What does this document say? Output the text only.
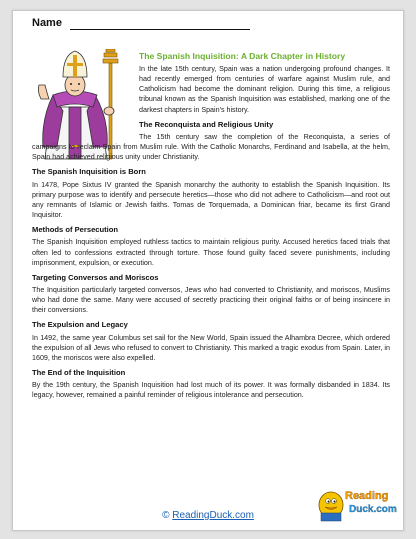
Name
The Spanish Inquisition: A Dark Chapter in History
In the late 15th century, Spain was a nation undergoing profound changes. It had recently emerged from centuries of warfare against Muslim rule, and Catholicism had become the dominant religion. During this time, a religious tribunal known as the Spanish Inquisition was established, marking one of the darkest chapters in Spain's history.
The Reconquista and Religious Unity
The 15th century saw the completion of the Reconquista, a series of campaigns to reclaim Spain from Muslim rule. With the Catholic Monarchs, Ferdinand and Isabella, at the helm, Spain had achieved religious unity under Christianity.
The Spanish Inquisition is Born
In 1478, Pope Sixtus IV granted the Spanish monarchy the authority to establish the Spanish Inquisition. Its primary purpose was to identify and persecute heretics—those who did not adhere to Catholicism—and root out any remnants of Islamic or Jewish faiths. Tomas de Torquemada, a Dominican friar, became its first Grand Inquisitor.
Methods of Persecution
The Spanish Inquisition employed ruthless tactics to maintain religious purity. Accused heretics faced trials that often led to confessions extracted through torture. Those found guilty faced severe punishments, including imprisonment, expulsion, or execution.
Targeting Conversos and Moriscos
The Inquisition particularly targeted conversos, Jews who had converted to Christianity, and moriscos, Muslims who had done the same. Many were accused of secretly practicing their original faiths or of being insincere in their conversions.
The Expulsion and Legacy
In 1492, the same year Columbus set sail for the New World, Spain issued the Alhambra Decree, which ordered the expulsion of all Jews who refused to convert to Christianity. This marked a tragic exodus from Spain. Later, in 1609, the moriscos were also expelled.
The End of the Inquisition
By the 19th century, the Spanish Inquisition had lost much of its power. It was formally disbanded in 1834. Its legacy, however, remained a painful reminder of religious intolerance and persecution.
© ReadingDuck.com
Reading
Duck.com
